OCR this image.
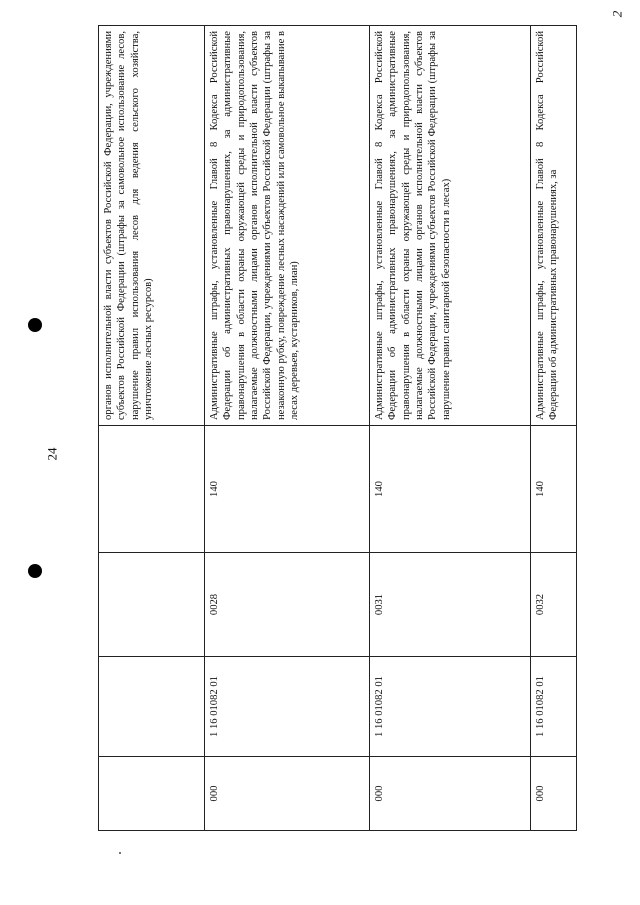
24
2
				органов исполнительной власти субъектов Российской Федерации, учреждениями субъектов Российской Федерации (штрафы за самовольное использование лесов, нарушение правил использования лесов для ведения сельского хозяйства, уничтожение лесных ресурсов)
000	1 16 01082 01	0028	140	Административные штрафы, установленные Главой 8 Кодекса Российской Федерации об административных правонарушениях, за административные правонарушения в области охраны окружающей среды и природопользования, налагаемые должностными лицами органов исполнительной власти субъектов Российской Федерации, учреждениями субъектов Российской Федерации (штрафы за незаконную рубку, повреждение лесных насаждений или самовольное выкапывание в лесах деревьев, кустарников, лиан)
000	1 16 01082 01	0031	140	Административные штрафы, установленные Главой 8 Кодекса Российской Федерации об административных правонарушениях, за административные правонарушения в области охраны окружающей среды и природопользования, налагаемые должностными лицами органов исполнительной власти субъектов Российской Федерации, учреждениями субъектов Российской Федерации (штрафы за нарушение правил санитарной безопасности в лесах)
000	1 16 01082 01	0032	140	Административные штрафы, установленные Главой 8 Кодекса Российской Федерации об административных правонарушениях, за
